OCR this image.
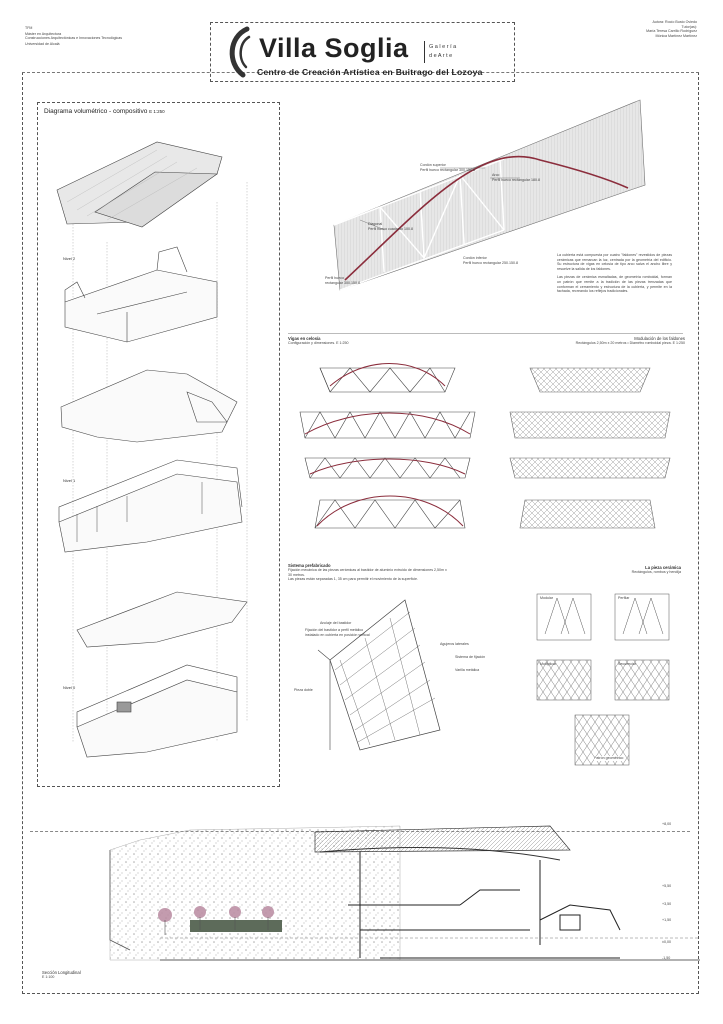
TFM
Máster en Arquitectura
Construcciones Arquitectónicas e Innovaciones Tecnológicas
Universidad de Alcalá	Villa Soglia	G a l e r í a
d e A r t e
Centro de Creación Artística en Buitrago del Lozoya
Autora: Rocío Busto Oviedo
Tutor(as):
María Teresa Carrillo Rodríguez
Mónica Martínez Martínez
Diagrama volumétrico - compositivo E 1:250
Nivel 2
Nivel 1
Nivel 0
Cordón superior
Perfil hueco rectangular 300.150.8
Arco
Perfil hueco rectangular 180.8
Diagonal
Perfil hueco cuadrado 100.8
Cordón inferior
Perfil hueco rectangular 250.150.8
Perfil hueco
rectangular 300.150.8

La cubierta está compuesta por cuatro "faldones" revestidos de piezas cerámicas que remarcan la luz, centrada por la geometría del edificio. Su estructura de vigas en celosía de tipo arco salva el ancho libre y resuelve la salida de los faldones.

Las piezas de cerámica esmaltadas, de geometría romboidal, forman un patrón que remite a la tradición de las piezas trenzadas que conforman el cerramiento y estructura de la cubierta, y permite en la fachada, recreando los reflejos tradicionales.

Vigas en celosía
Configuración y dimensiones. E 1:250
Modulación de los faldones
Rectángulos 2,50m x 20 metros • Diamétro romboidal pieza. E 1:250
Sistema prefabricado
Fijación mecánica de las piezas cerámicas al bastidor de aluminio extruido de dimensiones 2,50m x 30 metros.
Las piezas están separadas 1, 35 cm para permitir el movimiento de la superficie.
Anclaje del bastidor
Fijación del bastidor a perfil metálico
instalado en cubierta en posición vertical
Agujeros laterales
Sistema de fijación
Varilla metálica
Pieza doble
La pieza cerámica
Rectángulos, rombos y hendija
Modular	Perfilar
Multiplicar	Secuenciar
Patrón geométrico
+8,00
+5,50
+3,50
+1,50
±0,00
-1,50
Sección Longitudinal
E 1:100
